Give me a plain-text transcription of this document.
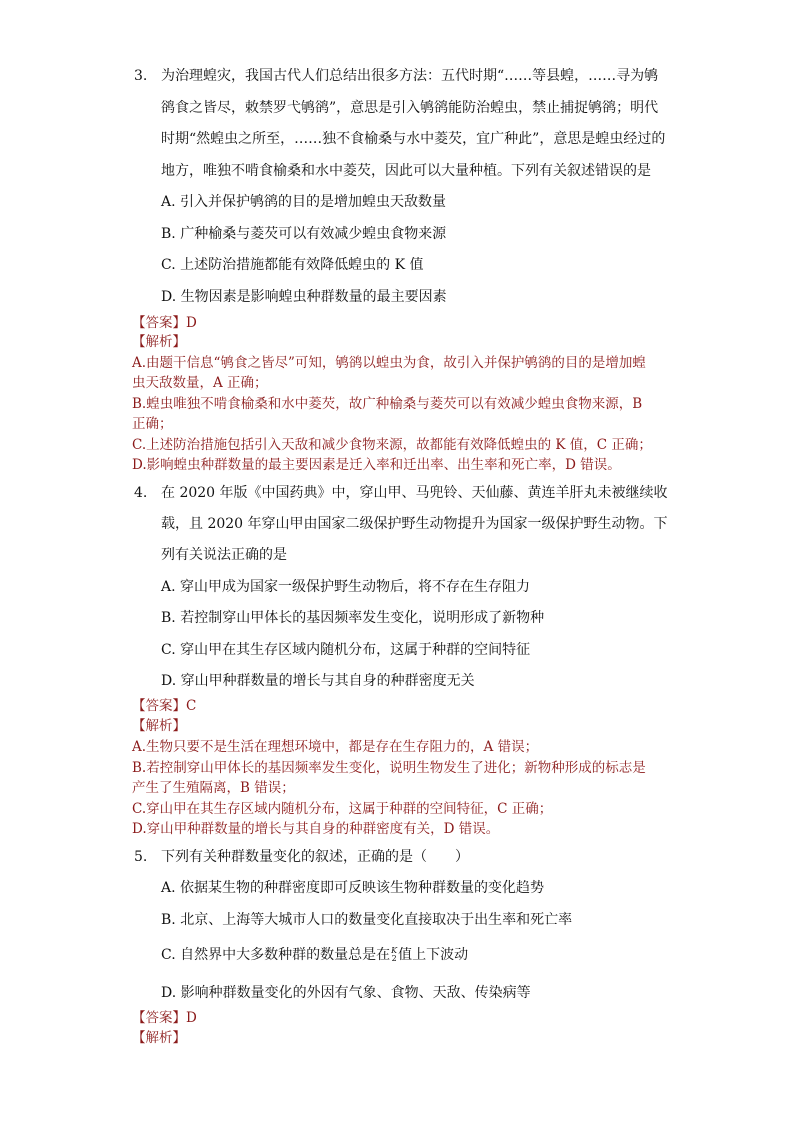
3. 为治理蝗灾，我国古代人们总结出很多方法：五代时期“……等县蝗，……寻为鸲
鹆食之皆尽，敕禁罗弋鸲鹆”，意思是引入鸲鹆能防治蝗虫，禁止捕捉鸲鹆；明代
时期“然蝗虫之所至，……独不食榆桑与水中菱芡，宜广种此”，意思是蝗虫经过的
地方，唯独不啃食榆桑和水中菱芡，因此可以大量种植。下列有关叙述错误的是
A. 引入并保护鸲鹆的目的是增加蝗虫天敌数量
B. 广种榆桑与菱芡可以有效减少蝗虫食物来源
C. 上述防治措施都能有效降低蝗虫的 K 值
D. 生物因素是影响蝗虫种群数量的最主要因素
【答案】D
【解析】
A.由题干信息“鸲食之皆尽”可知，鸲鹆以蝗虫为食，故引入并保护鸲鹆的目的是增加蝗
虫天敌数量，A 正确；
B.蝗虫唯独不啃食榆桑和水中菱芡，故广种榆桑与菱芡可以有效减少蝗虫食物来源，B
正确；
C.上述防治措施包括引入天敌和减少食物来源，故都能有效降低蝗虫的 K 值，C 正确；
D.影响蝗虫种群数量的最主要因素是迁入率和迁出率、出生率和死亡率，D 错误。
4. 在 2020 年版《中国药典》中，穿山甲、马兜铃、天仙藤、黄连羊肝丸未被继续收
载，且 2020 年穿山甲由国家二级保护野生动物提升为国家一级保护野生动物。下
列有关说法正确的是
A. 穿山甲成为国家一级保护野生动物后，将不存在生存阻力
B. 若控制穿山甲体长的基因频率发生变化，说明形成了新物种
C. 穿山甲在其生存区域内随机分布，这属于种群的空间特征
D. 穿山甲种群数量的增长与其自身的种群密度无关
【答案】C
【解析】
A.生物只要不是生活在理想环境中，都是存在生存阻力的，A 错误；
B.若控制穿山甲体长的基因频率发生变化，说明生物发生了进化；新物种形成的标志是
产生了生殖隔离，B 错误；
C.穿山甲在其生存区域内随机分布，这属于种群的空间特征，C 正确；
D.穿山甲种群数量的增长与其自身的种群密度有关，D 错误。
5. 下列有关种群数量变化的叙述，正确的是（　　）
A. 依据某生物的种群密度即可反映该生物种群数量的变化趋势
B. 北京、上海等大城市人口的数量变化直接取决于出生率和死亡率
C. 自然界中大多数种群的数量总是在 K
2 值上下波动
D. 影响种群数量变化的外因有气象、食物、天敌、传染病等
【答案】D
【解析】
